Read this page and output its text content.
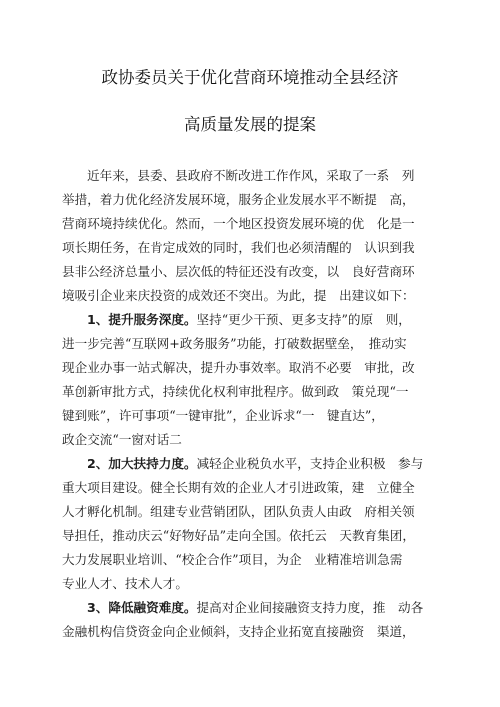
政协委员关于优化营商环境推动全县经济
高质量发展的提案
近年来，县委、县政府不断改进工作作风，采取了一系　列
举措，着力优化经济发展环境，服务企业发展水平不断提　高，
营商环境持续优化。然而，一个地区投资发展环境的优　化是一
项长期任务，在肯定成效的同时，我们也必须清醒的　认识到我
县非公经济总量小、层次低的特征还没有改变，以　良好营商环
境吸引企业来庆投资的成效还不突出。为此，提　出建议如下：
1、提升服务深度。坚持“更少干预、更多支持”的原　则，
进一步完善“互联网+政务服务”功能，打破数据壁垒，　推动实
现企业办事一站式解决，提升办事效率。取消不必要　审批，改
革创新审批方式，持续优化权利审批程序。做到政　策兑现“一
键到账”，许可事项“一键审批”，企业诉求“一　键直达”，
政企交流“一窗对话二
2、加大扶持力度。减轻企业税负水平，支持企业积极　参与
重大项目建设。健全长期有效的企业人才引进政策，建　立健全
人才孵化机制。组建专业营销团队，团队负责人由政　府相关领
导担任，推动庆云“好物好品”走向全国。依托云　天教育集团，
大力发展职业培训、“校企合作”项目，为企　业精准培训急需
专业人才、技术人才。
3、降低融资难度。提高对企业间接融资支持力度，推　动各
金融机构信贷资金向企业倾斜，支持企业拓宽直接融资　渠道，
